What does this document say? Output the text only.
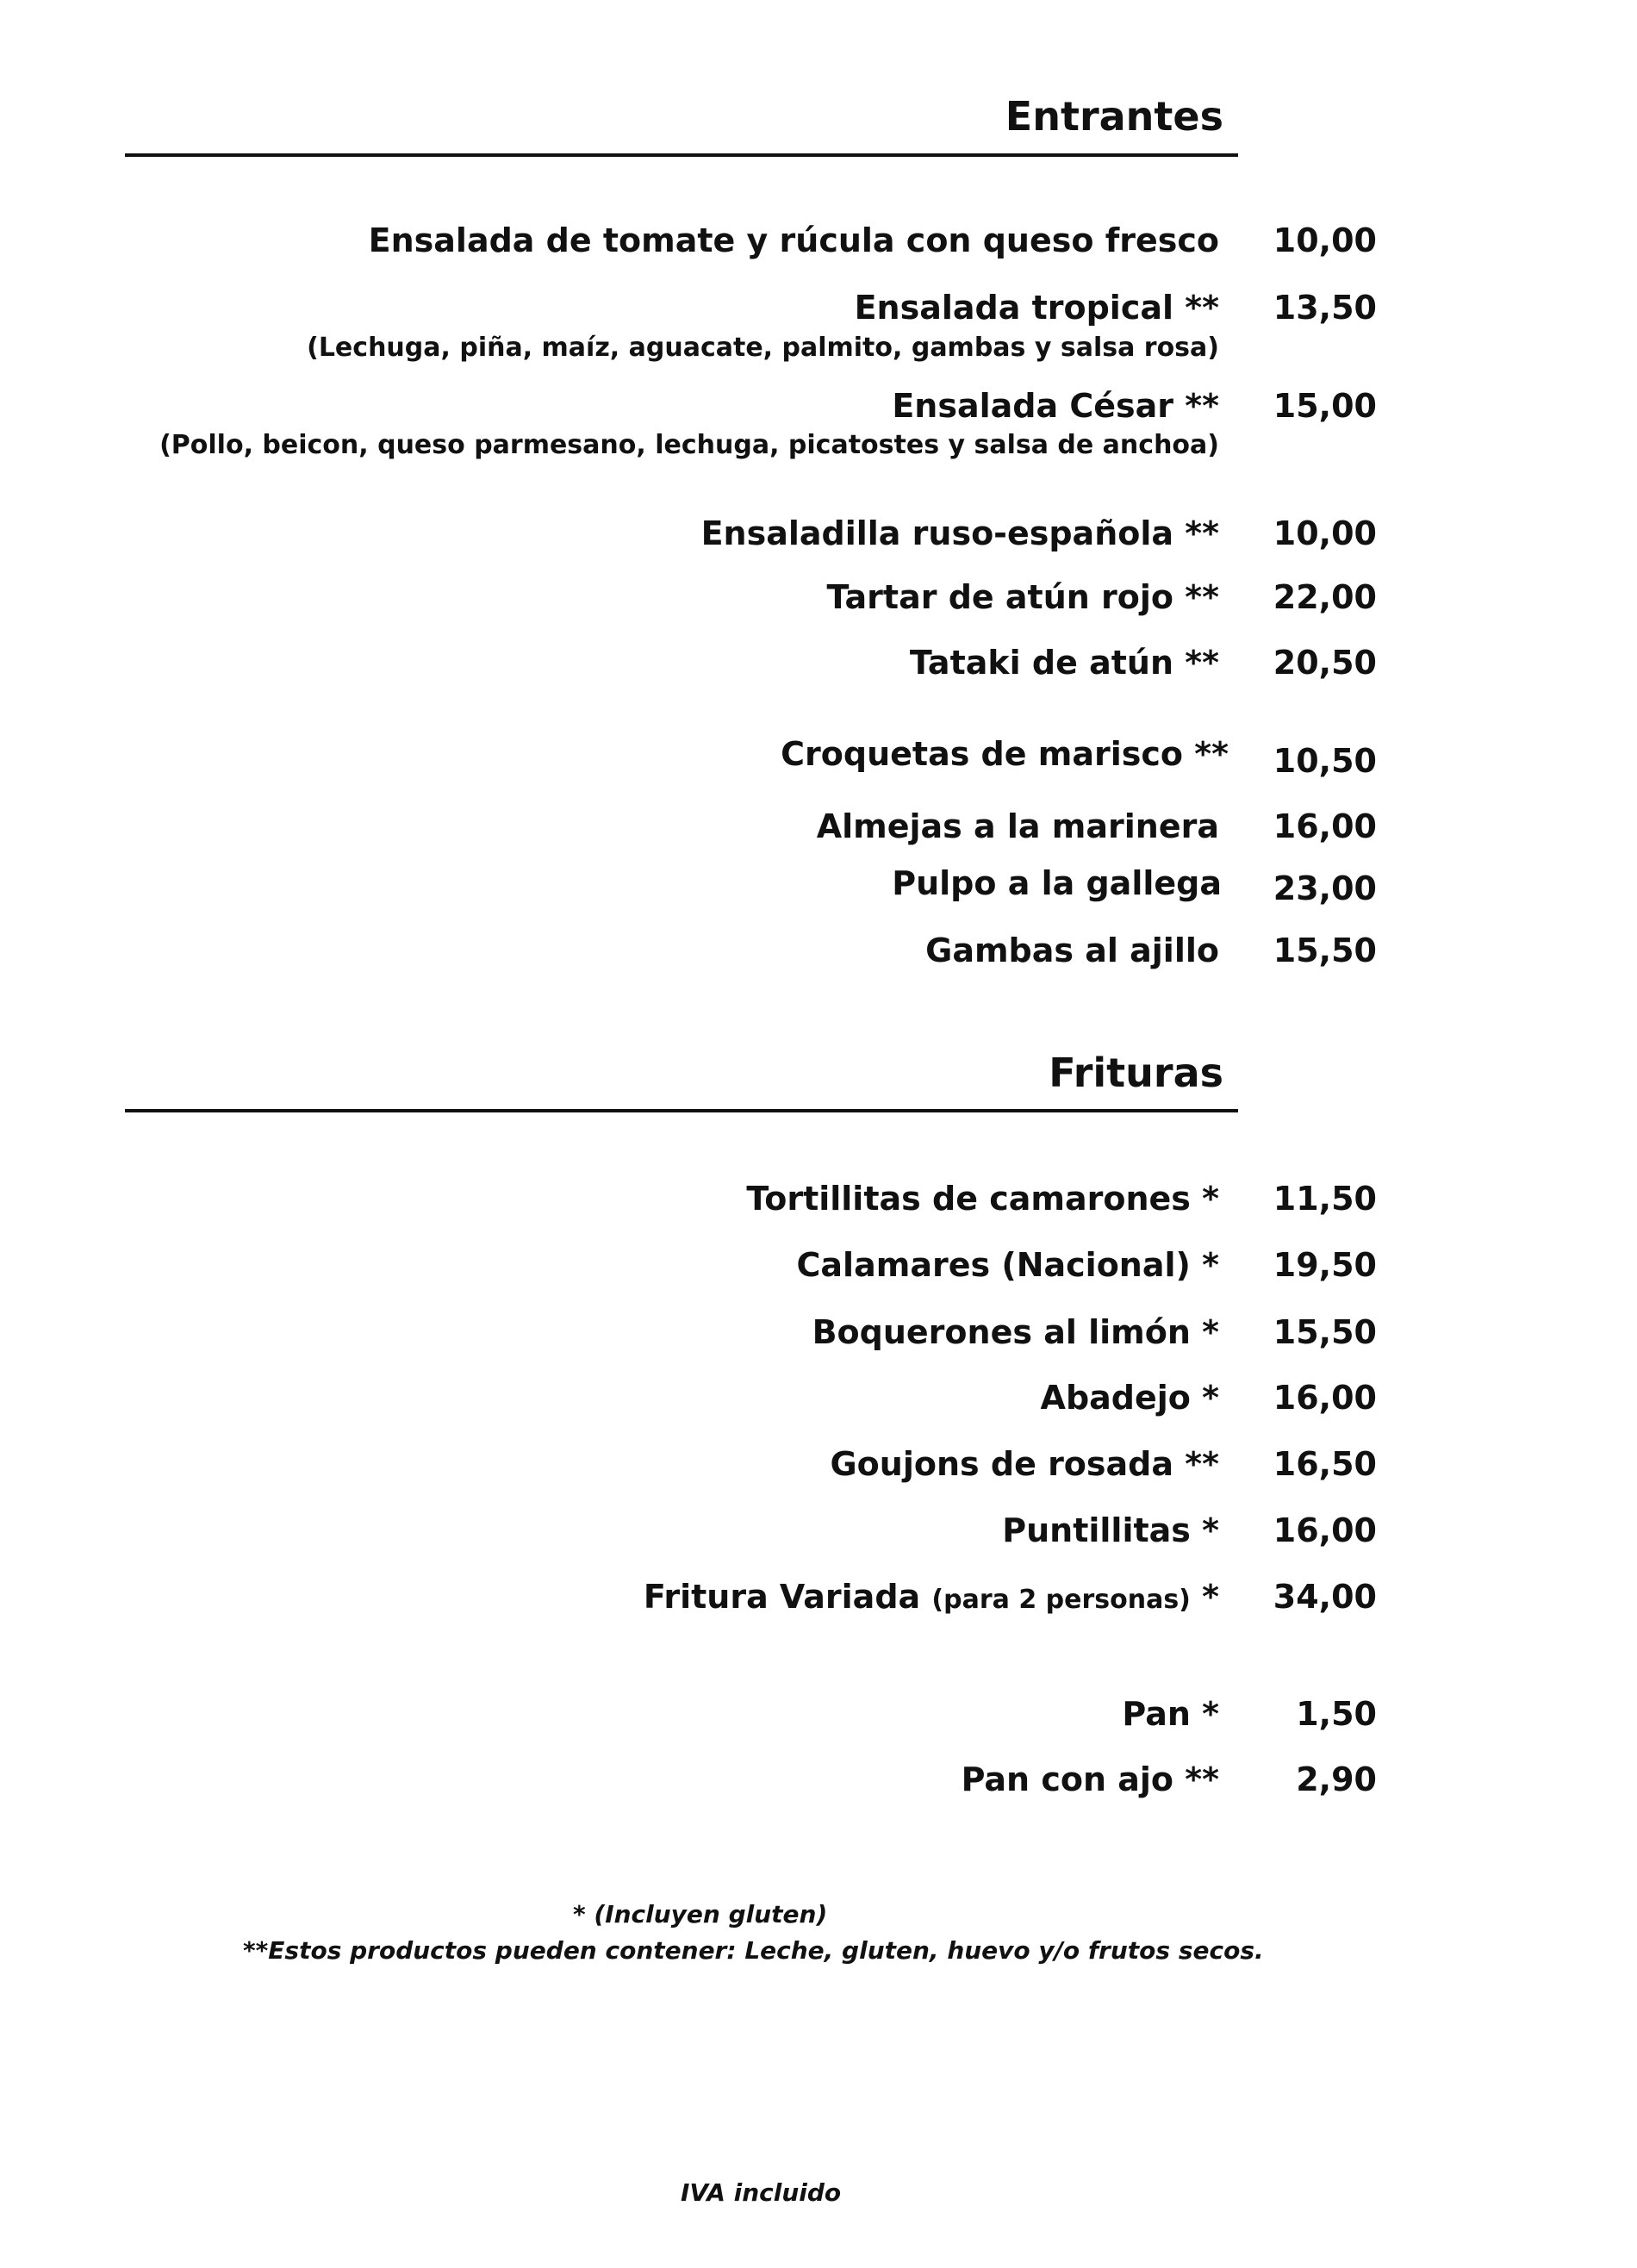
Entrantes
Ensalada de tomate y rúcula con queso fresco 10,00
Ensalada tropical ** 13,50
(Lechuga, piña, maíz, aguacate, palmito, gambas y salsa rosa)
Ensalada César ** 15,00
(Pollo, beicon, queso parmesano, lechuga, picatostes y salsa de anchoa)
Ensaladilla ruso-española ** 10,00
Tartar de atún rojo ** 22,00
Tataki de atún ** 20,50
Croquetas de marisco ** 10,50
Almejas a la marinera 16,00
Pulpo a la gallega 23,00
Gambas al ajillo 15,50
Frituras
Tortillitas de camarones * 11,50
Calamares (Nacional) * 19,50
Boquerones al limón * 15,50
Abadejo * 16,00
Goujons de rosada ** 16,50
Puntillitas * 16,00
Fritura Variada (para 2 personas) * 34,00
Pan * 1,50
Pan con ajo ** 2,90
* (Incluyen gluten)
**Estos productos pueden contener: Leche, gluten, huevo y/o frutos secos.
IVA incluido
